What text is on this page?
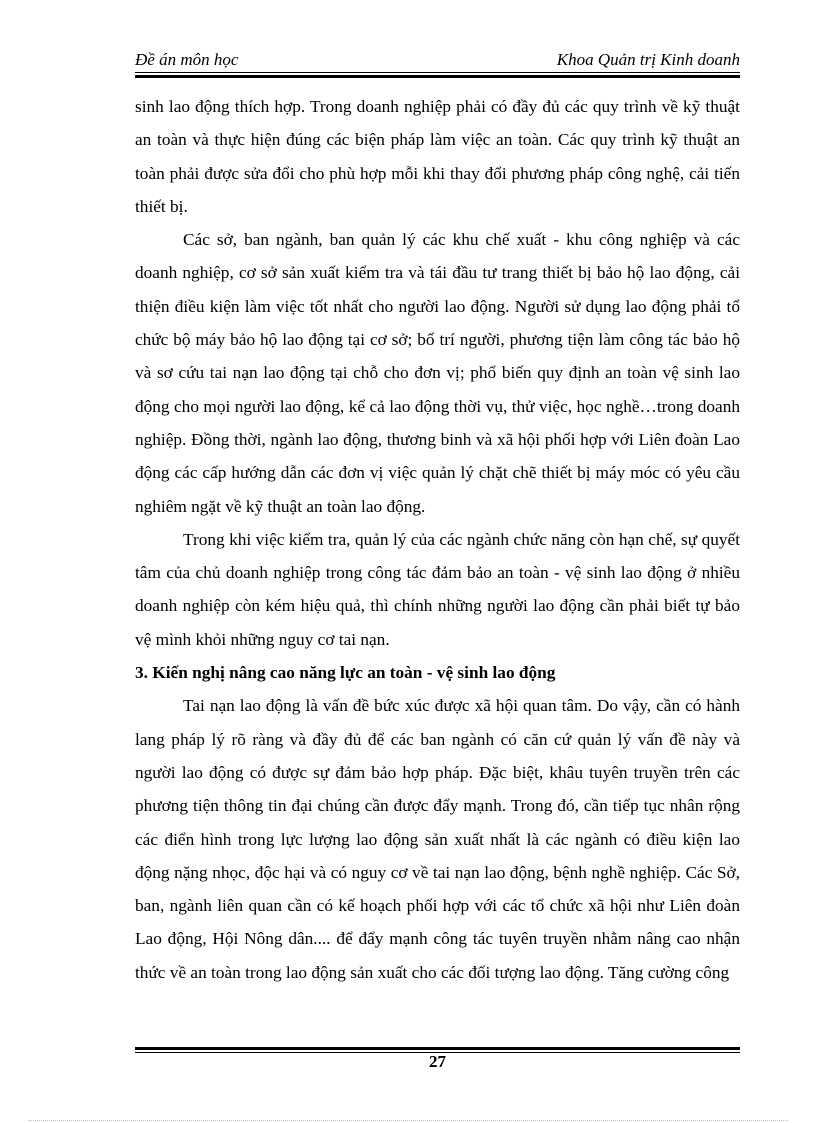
Đề án môn học	Khoa Quản trị Kinh doanh

sinh lao động thích hợp. Trong doanh nghiệp phải có đầy đủ các quy trình về kỹ thuật an toàn và thực hiện đúng các biện pháp làm việc an toàn. Các quy trình kỹ thuật an toàn phải được sửa đổi cho phù hợp mỗi khi thay đổi phương pháp công nghệ, cải tiến thiết bị.

Các sở, ban ngành, ban quản lý các khu chế xuất - khu công nghiệp và các doanh nghiệp, cơ sở sản xuất kiểm tra và tái đầu tư trang thiết bị bảo hộ lao động, cải thiện điều kiện làm việc tốt nhất cho người lao động. Người sử dụng lao động phải tổ chức bộ máy bảo hộ lao động tại cơ sở; bố trí người, phương tiện làm công tác bảo hộ và sơ cứu tai nạn lao động tại chỗ cho đơn vị; phổ biến quy định an toàn vệ sinh lao động cho mọi người lao động, kể cả lao động thời vụ, thử việc, học nghề…trong doanh nghiệp. Đồng thời, ngành lao động, thương binh và xã hội phối hợp với Liên đoàn Lao động các cấp hướng dẫn các đơn vị việc quản lý chặt chẽ thiết bị máy móc có yêu cầu nghiêm ngặt về kỹ thuật an toàn lao động.

Trong khi việc kiểm tra, quản lý của các ngành chức năng còn hạn chế, sự quyết tâm của chủ doanh nghiệp trong công tác đảm bảo an toàn - vệ sinh lao động ở nhiều doanh nghiệp còn kém hiệu quả, thì chính những người lao động cần phải biết tự bảo vệ mình khỏi những nguy cơ tai nạn.

3. Kiến nghị nâng cao năng lực an toàn - vệ sinh lao động

Tai nạn lao động là vấn đề bức xúc được xã hội quan tâm. Do vậy, cần có hành lang pháp lý rõ ràng và đầy đủ để các ban ngành có căn cứ quản lý vấn đề này và người lao động có được sự đảm bảo hợp pháp. Đặc biệt, khâu tuyên truyền trên các phương tiện thông tin đại chúng cần được đẩy mạnh. Trong đó, cần tiếp tục nhân rộng các điển hình trong lực lượng lao động sản xuất nhất là các ngành có điều kiện lao động nặng nhọc, độc hại và có nguy cơ về tai nạn lao động, bệnh nghề nghiệp. Các Sở, ban, ngành liên quan cần có kế hoạch phối hợp với các tổ chức xã hội như Liên đoàn Lao động, Hội Nông dân.... để đẩy mạnh công tác tuyên truyền nhằm nâng cao nhận thức về an toàn trong lao động sản xuất cho các đối tượng lao động. Tăng cường công

27
